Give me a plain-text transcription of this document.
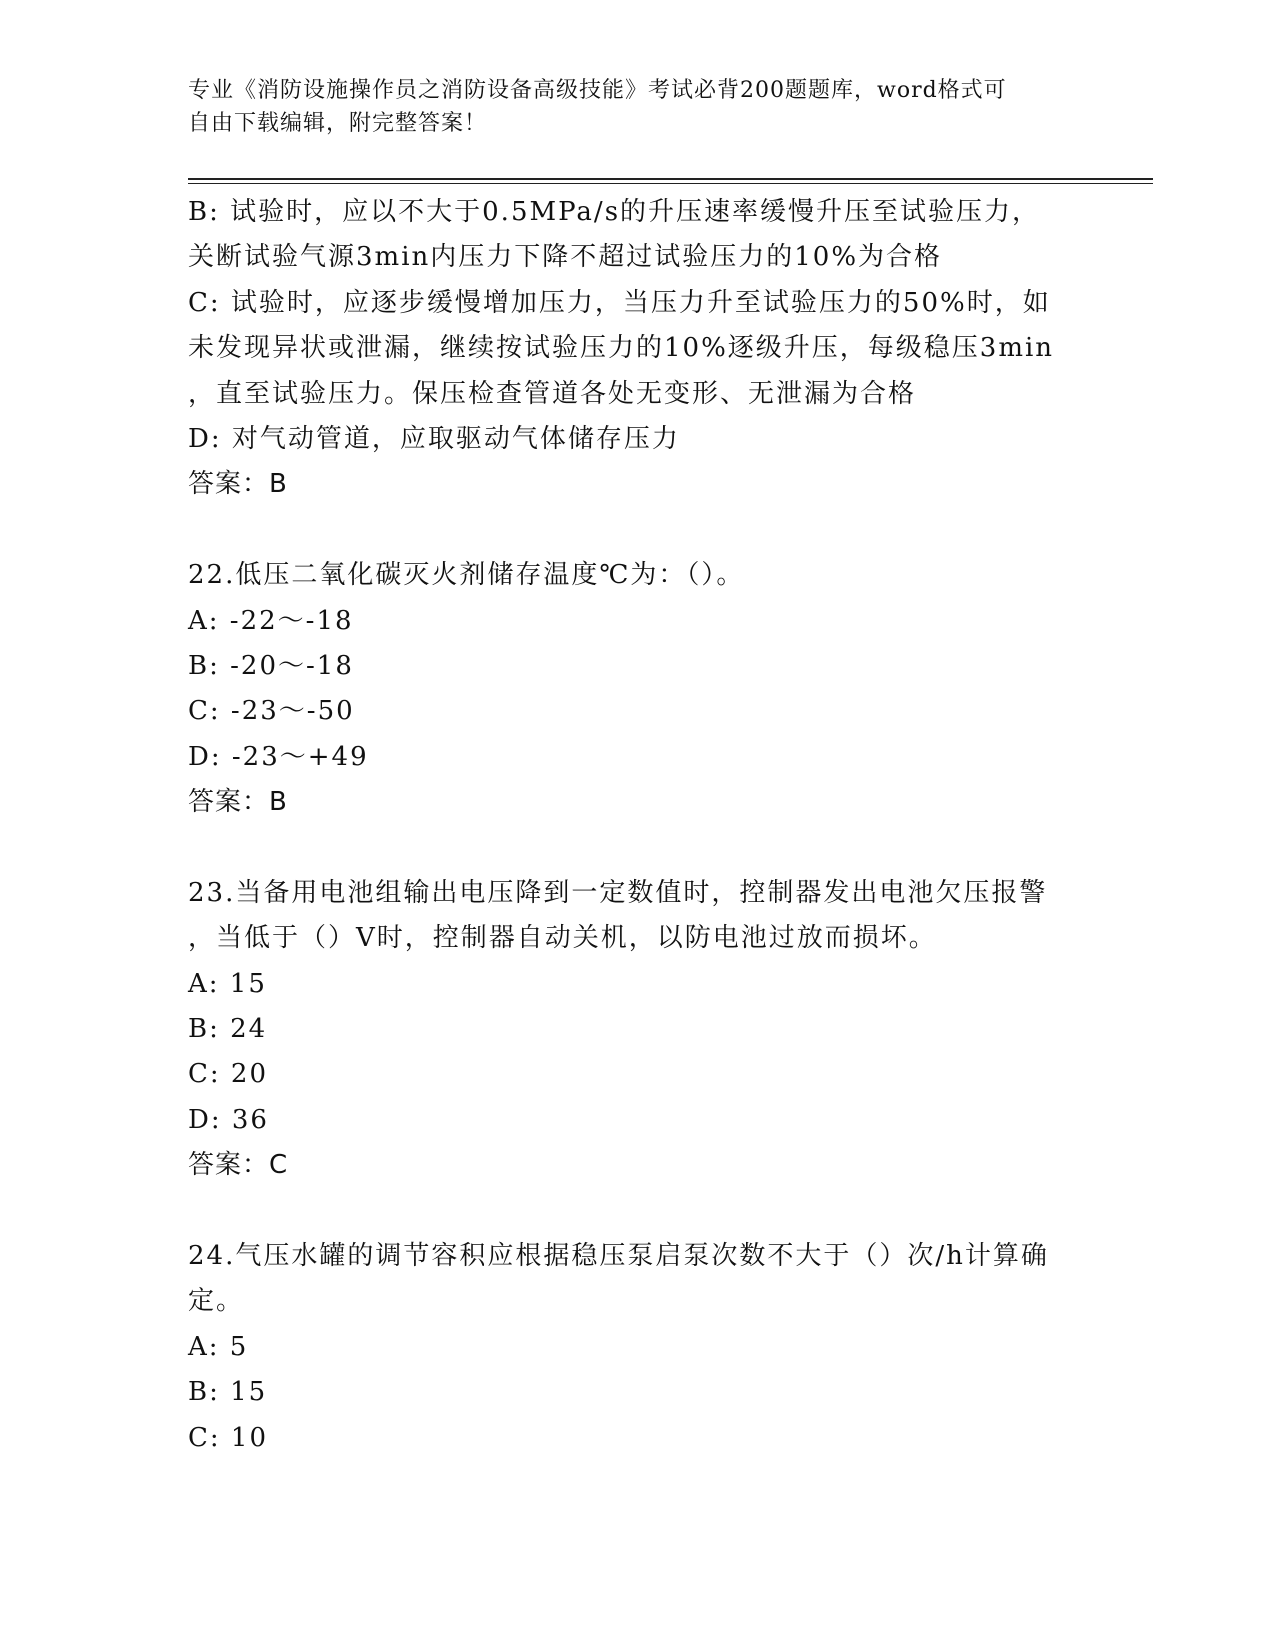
专业《消防设施操作员之消防设备高级技能》考试必背200题题库，word格式可
自由下载编辑，附完整答案！
B: 试验时，应以不大于0.5MPa/s的升压速率缓慢升压至试验压力，
关断试验气源3min内压力下降不超过试验压力的10%为合格
C: 试验时，应逐步缓慢增加压力，当压力升至试验压力的50%时，如
未发现异状或泄漏，继续按试验压力的10%逐级升压，每级稳压3min
，直至试验压力。保压检查管道各处无变形、无泄漏为合格
D: 对气动管道，应取驱动气体储存压力
答案：B
22.低压二氧化碳灭火剂储存温度℃为：（）。
A: -22～-18
B: -20～-18
C: -23～-50
D: -23～+49
答案：B
23.当备用电池组输出电压降到一定数值时，控制器发出电池欠压报警
，当低于（）V时，控制器自动关机，以防电池过放而损坏。
A: 15
B: 24
C: 20
D: 36
答案：C
24.气压水罐的调节容积应根据稳压泵启泵次数不大于（）次/h计算确
定。
A: 5
B: 15
C: 10
